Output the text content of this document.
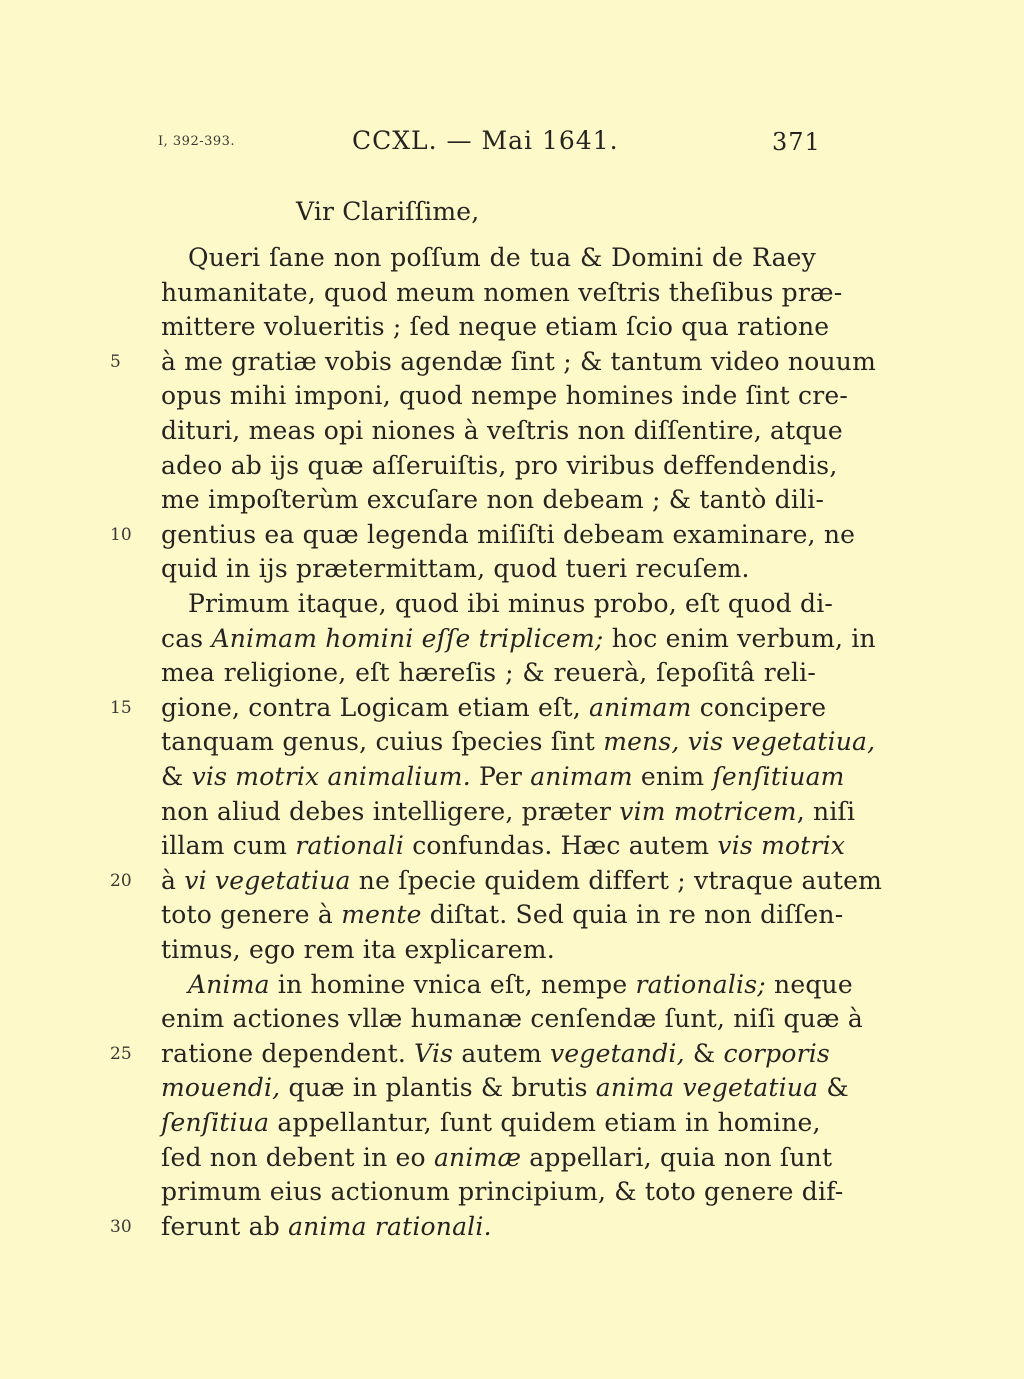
I, 392-393.	CCXL. — Mai 1641.	371
Vir Clariſſime,
Queri ſane non poſſum de tua & Domini de Raey
humanitate, quod meum nomen veſtris theſibus præ-
mittere volueritis ; ſed neque etiam ſcio qua ratione
à me gratiæ vobis agendæ ſint ; & tantum video nouum
5
opus mihi imponi, quod nempe homines inde ſint cre-
dituri, meas opi niones à veſtris non diſſentire, atque
adeo ab ijs quæ aſſeruiſtis, pro viribus deffendendis,
me impoſterùm excuſare non debeam ; & tantò dili-
gentius ea quæ legenda miſiſti debeam examinare, ne
10
quid in ijs prætermittam, quod tueri recuſem.
Primum itaque, quod ibi minus probo, eſt quod di-
cas Animam homini eſſe triplicem; hoc enim verbum, in
mea religione, eſt hæreſis ; & reuerà, ſepoſitâ reli-
gione, contra Logicam etiam eſt, animam concipere
15
tanquam genus, cuius ſpecies ſint mens, vis vegetatiua,
& vis motrix animalium. Per animam enim ſenſitiuam
non aliud debes intelligere, præter vim motricem, niſi
illam cum rationali confundas. Hæc autem vis motrix
à vi vegetatiua ne ſpecie quidem differt ; vtraque autem
20
toto genere à mente diſtat. Sed quia in re non diſſen-
timus, ego rem ita explicarem.
Anima in homine vnica eſt, nempe rationalis; neque
enim actiones vllæ humanæ cenſendæ ſunt, niſi quæ à
ratione dependent. Vis autem vegetandi, & corporis
25
mouendi, quæ in plantis & brutis anima vegetatiua &
ſenſitiua appellantur, ſunt quidem etiam in homine,
ſed non debent in eo animæ appellari, quia non ſunt
primum eius actionum principium, & toto genere dif-
ferunt ab anima rationali.
30
